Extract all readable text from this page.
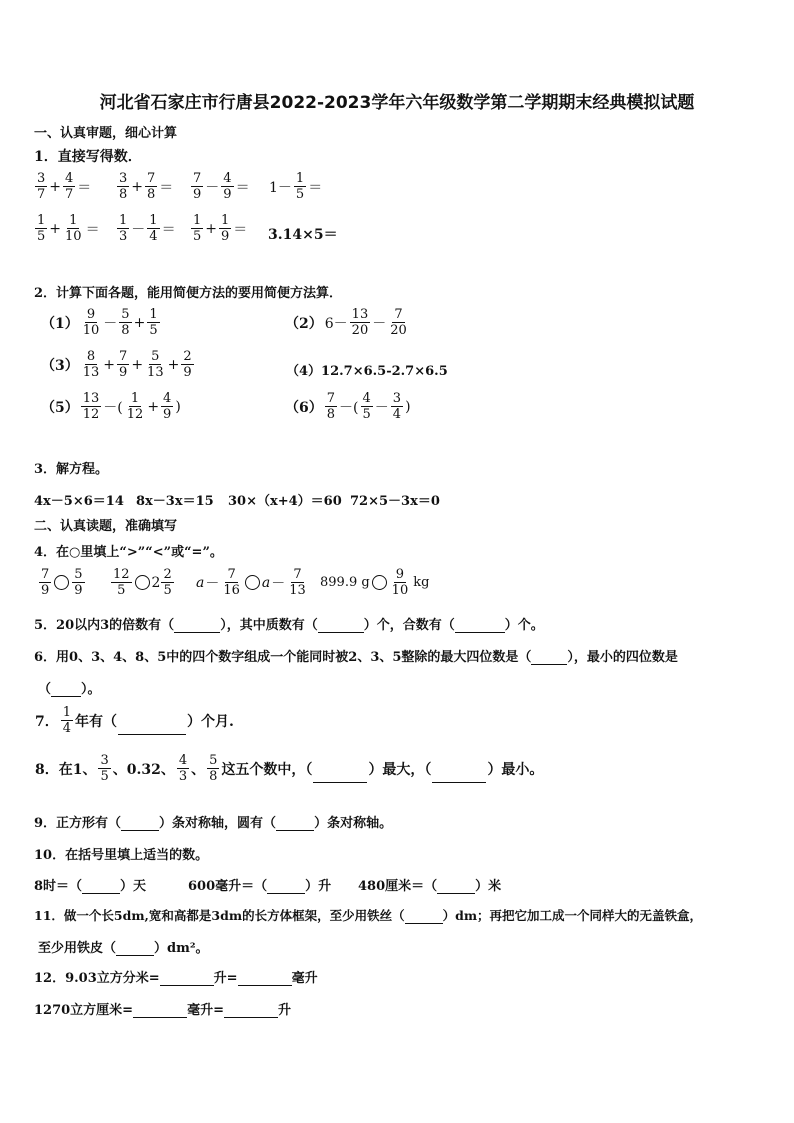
河北省石家庄市行唐县2022-2023学年六年级数学第二学期期末经典模拟试题
一、认真审题，细心计算
1．直接写得数．
$\frac{3}{7} + \frac{4}{7} = \frac{3}{8} + \frac{7}{8} = \frac{7}{9} - \frac{4}{9} = 1- \frac{1}{5}$ ＝
$\frac{1}{5} + \frac{1}{10} = \frac{1}{3} - \frac{1}{4} = \frac{1}{5} + \frac{1}{9} = 3.14\times 5=$
2．计算下面各题，能用简便方法的要用简便方法算．
$(1) \frac{9}{10} - \frac{5}{8} + \frac{1}{5}$	（2） $6- \frac{13}{20} - \frac{7}{20}$
$(3) \frac{8}{13} + \frac{7}{9} + \frac{5}{13} + \frac{2}{9}$	（4）12.7×6.5-2.7×6.5
$(5) \frac{13}{12}$ －( $\frac{1}{12} + \frac{4}{9}$ )	$(6) \frac{7}{8}$ －( $\frac{4}{5} - \frac{3}{4}$ )
3．解方程。
4x－5×6＝14 8x－3x＝15 30×（x+4）＝60 72×5－3x＝0
二、认真读题，准确填写
4．在○里填上“>”“<”或“=”。
$\frac{7}{9} \frac{5}{9} \frac{12}{5} 2 \frac{2}{5} a- \frac{7}{16} a- \frac{7}{13} 899.9$ g $\frac{9}{10}$ kg
5．20以内3的倍数有（	），其中质数有（	）个，合数有（	）个。
6．用0、3、4、8、5中的四个数字组成一个能同时被2、3、5整除的最大四位数是（	），最小的四位数是
（ ）。
7． $\frac{1}{4}$ 年有（	）个月.
8．在1、 $\frac{3}{5}$ 、0.32、 $\frac{4}{3}$ 、 $\frac{5}{8}$ 这五个数中，（	）最大，（	）最小。
9．正方形有（	）条对称轴，圆有（	）条对称轴。
10．在括号里填上适当的数。
8时＝（	）天	600毫升＝（	）升 480厘米＝（	）米
11．做一个长5dm,宽和高都是3dm的长方体框架，至少用铁丝（	）dm；再把它加工成一个同样大的无盖铁盒，
至少用铁皮（	）dm²。
12．9.03立方分米=	升=	毫升
1270立方厘米=	毫升=	升
